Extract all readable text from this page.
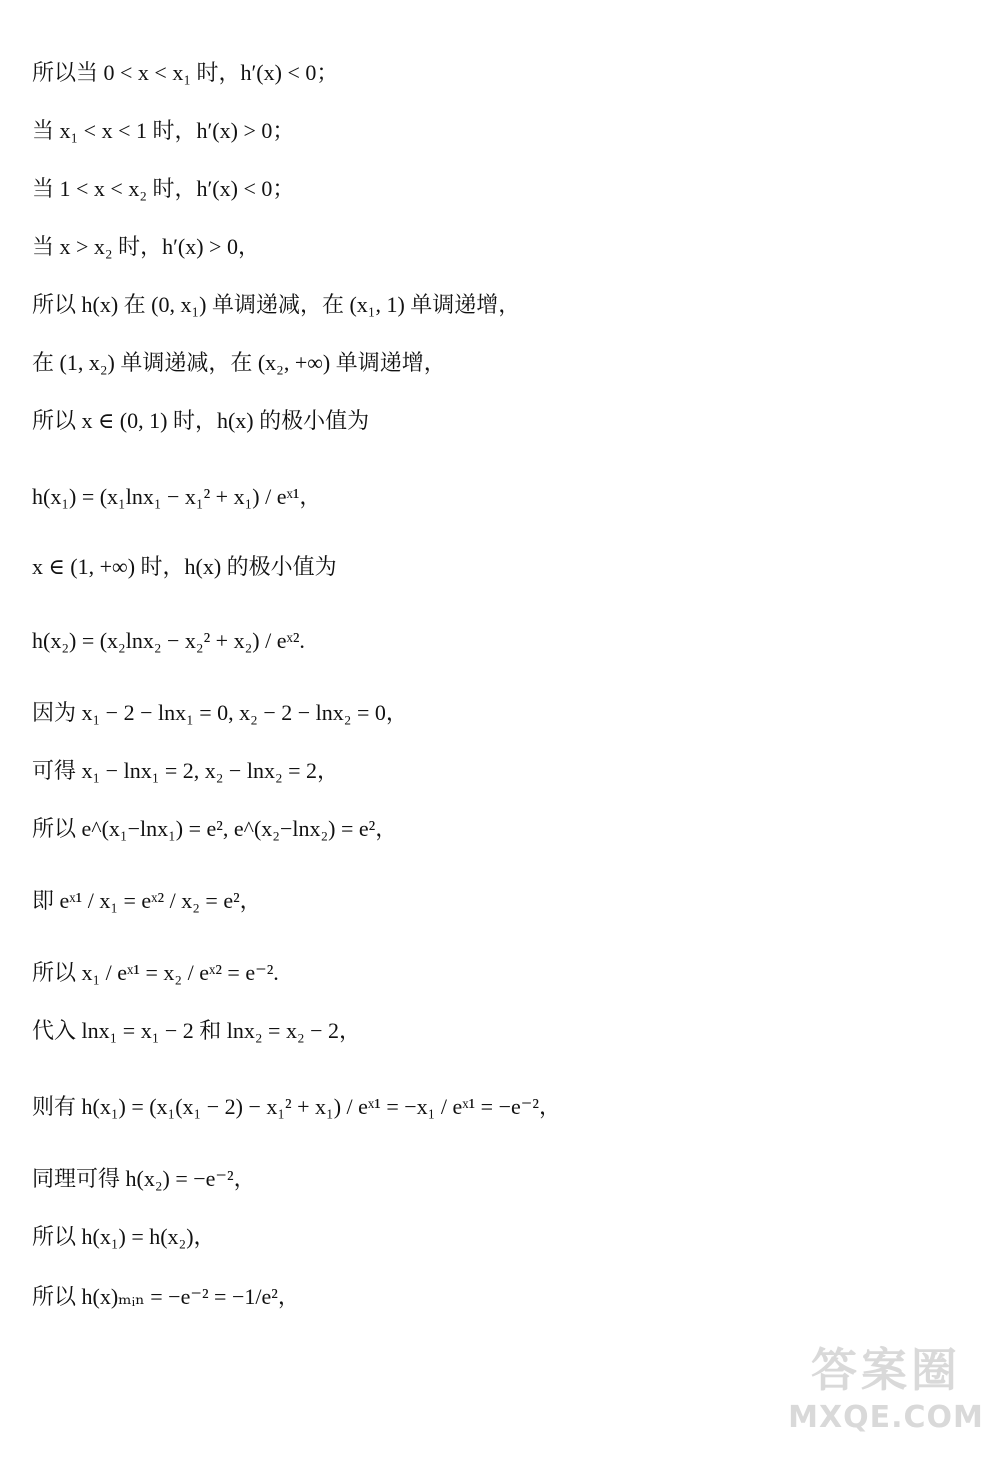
所以当 0 < x < x₁ 时，h′(x) < 0；
当 x₁ < x < 1 时，h′(x) > 0；
当 1 < x < x₂ 时，h′(x) < 0；
当 x > x₂ 时，h′(x) > 0，
所以 h(x) 在 (0, x₁) 单调递减，在 (x₁, 1) 单调递增，
在 (1, x₂) 单调递减，在 (x₂, +∞) 单调递增，
所以 x ∈ (0, 1) 时，h(x) 的极小值为
h(x₁) = (x₁lnx₁ − x₁² + x₁) / eˣ¹，
x ∈ (1, +∞) 时，h(x) 的极小值为
h(x₂) = (x₂lnx₂ − x₂² + x₂) / eˣ².
因为 x₁ − 2 − lnx₁ = 0, x₂ − 2 − lnx₂ = 0，
可得 x₁ − lnx₁ = 2, x₂ − lnx₂ = 2，
所以 e^(x₁−lnx₁) = e², e^(x₂−lnx₂) = e²，
即 eˣ¹ / x₁ = eˣ² / x₂ = e²，
所以 x₁ / eˣ¹ = x₂ / eˣ² = e⁻².
代入 lnx₁ = x₁ − 2 和 lnx₂ = x₂ − 2，
则有 h(x₁) = (x₁(x₁ − 2) − x₁² + x₁) / eˣ¹ = −x₁ / eˣ¹ = −e⁻²，
同理可得 h(x₂) = −e⁻²，
所以 h(x₁) = h(x₂)，
所以 h(x)ₘᵢₙ = −e⁻² = −1/e²，
答案圈
MXQE.COM
